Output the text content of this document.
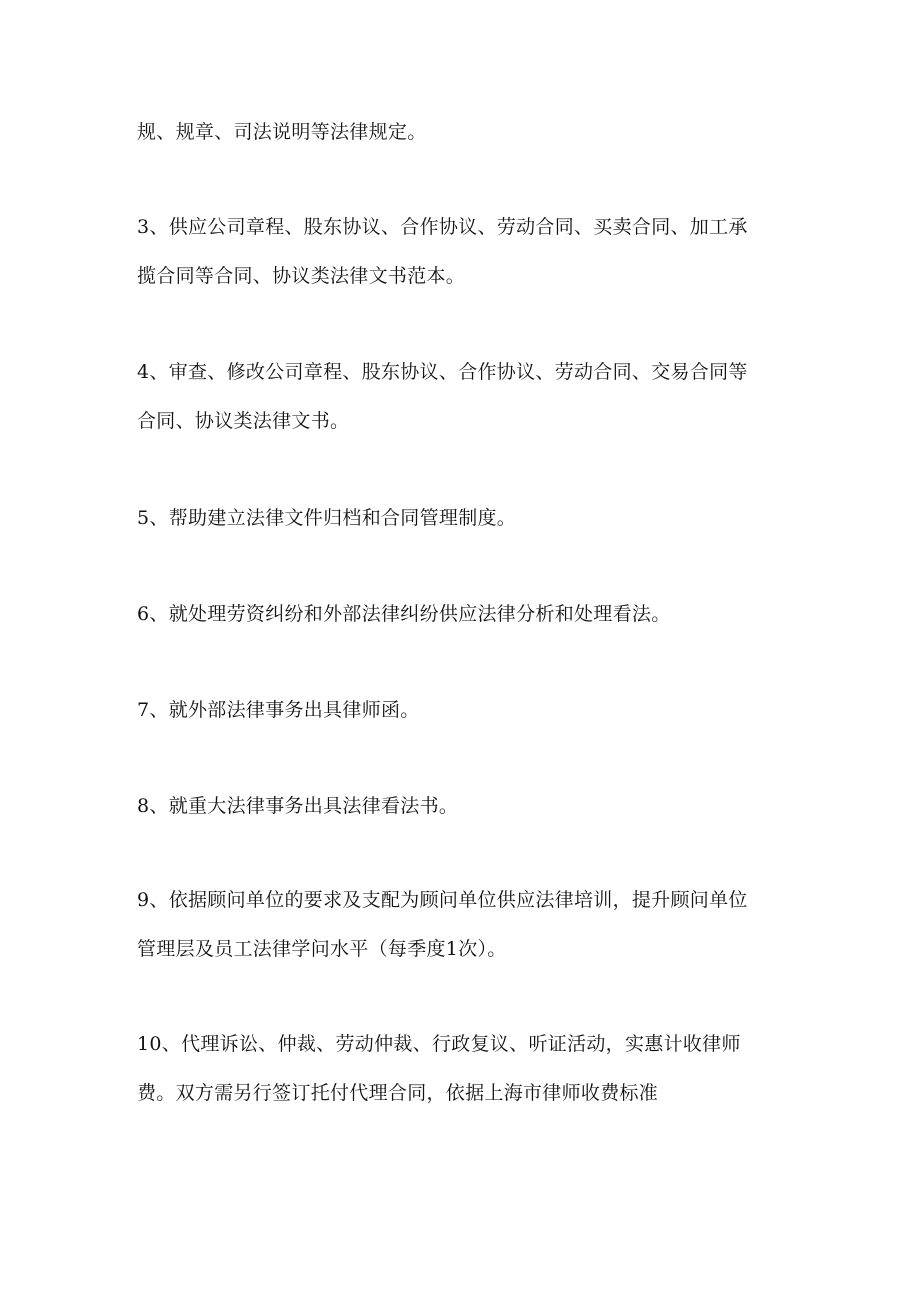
规、规章、司法说明等法律规定。

3、供应公司章程、股东协议、合作协议、劳动合同、买卖合同、加工承
揽合同等合同、协议类法律文书范本。

4、审查、修改公司章程、股东协议、合作协议、劳动合同、交易合同等
合同、协议类法律文书。

5、帮助建立法律文件归档和合同管理制度。

6、就处理劳资纠纷和外部法律纠纷供应法律分析和处理看法。

7、就外部法律事务出具律师函。

8、就重大法律事务出具法律看法书。

9、依据顾问单位的要求及支配为顾问单位供应法律培训，提升顾问单位
管理层及员工法律学问水平（每季度1次）。

10、代理诉讼、仲裁、劳动仲裁、行政复议、听证活动，实惠计收律师
费。双方需另行签订托付代理合同，依据上海市律师收费标准
